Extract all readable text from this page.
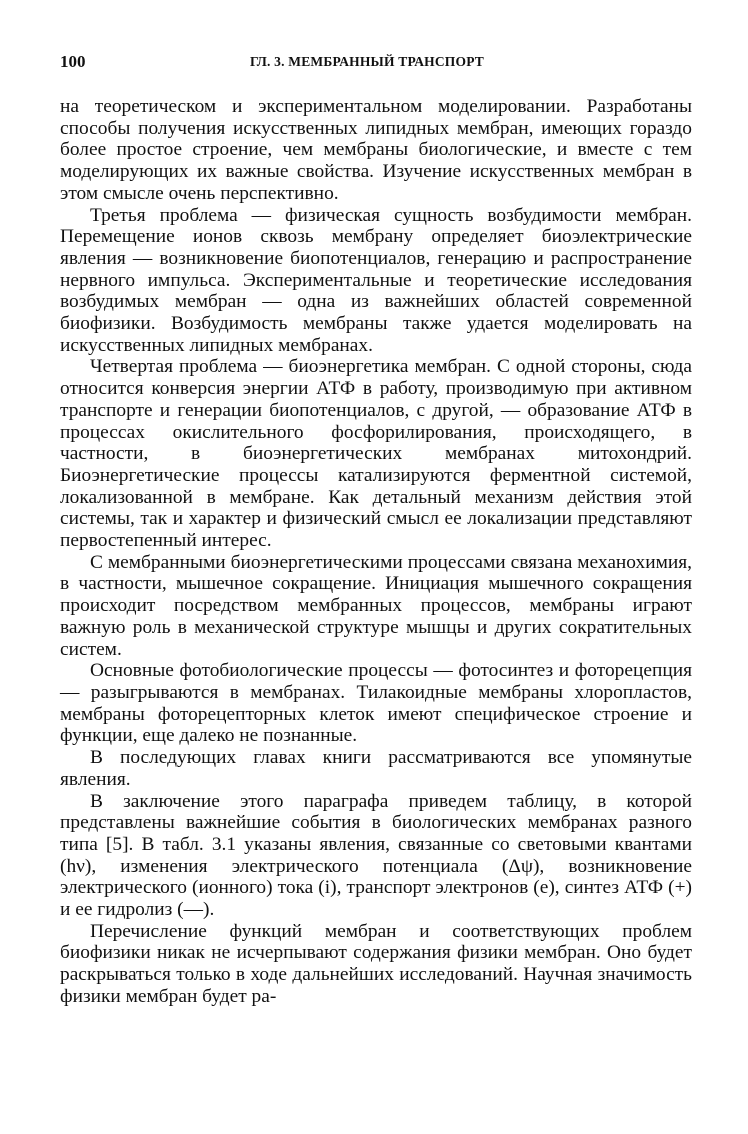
100	ГЛ. 3. МЕМБРАННЫЙ ТРАНСПОРТ

на теоретическом и экспериментальном моделировании. Разработаны способы получения искусственных липидных мембран, имеющих гораздо более простое строение, чем мембраны биологические, и вместе с тем моделирующих их важные свойства. Изучение искусственных мембран в этом смысле очень перспективно.

Третья проблема — физическая сущность возбудимости мембран. Перемещение ионов сквозь мембрану определяет биоэлектрические явления — возникновение биопотенциалов, генерацию и распространение нервного импульса. Экспериментальные и теоретические исследования возбудимых мембран — одна из важнейших областей современной биофизики. Возбудимость мембраны также удается моделировать на искусственных липидных мембранах.

Четвертая проблема — биоэнергетика мембран. С одной стороны, сюда относится конверсия энергии АТФ в работу, производимую при активном транспорте и генерации биопотенциалов, с другой, — образование АТФ в процессах окислительного фосфорилирования, происходящего, в частности, в биоэнергетических мембранах митохондрий. Биоэнергетические процессы катализируются ферментной системой, локализованной в мембране. Как детальный механизм действия этой системы, так и характер и физический смысл ее локализации представляют первостепенный интерес.

С мембранными биоэнергетическими процессами связана механохимия, в частности, мышечное сокращение. Инициация мышечного сокращения происходит посредством мембранных процессов, мембраны играют важную роль в механической структуре мышцы и других сократительных систем.

Основные фотобиологические процессы — фотосинтез и фоторецепция — разыгрываются в мембранах. Тилакоидные мембраны хлоропластов, мембраны фоторецепторных клеток имеют специфическое строение и функции, еще далеко не познанные.

В последующих главах книги рассматриваются все упомянутые явления.

В заключение этого параграфа приведем таблицу, в которой представлены важнейшие события в биологических мембранах разного типа [5]. В табл. 3.1 указаны явления, связанные со световыми квантами (hν), изменения электрического потенциала (Δψ), возникновение электрического (ионного) тока (i), транспорт электронов (e), синтез АТФ (+) и ее гидролиз (—).

Перечисление функций мембран и соответствующих проблем биофизики никак не исчерпывают содержания физики мембран. Оно будет раскрываться только в ходе дальнейших исследований. Научная значимость физики мембран будет ра-
